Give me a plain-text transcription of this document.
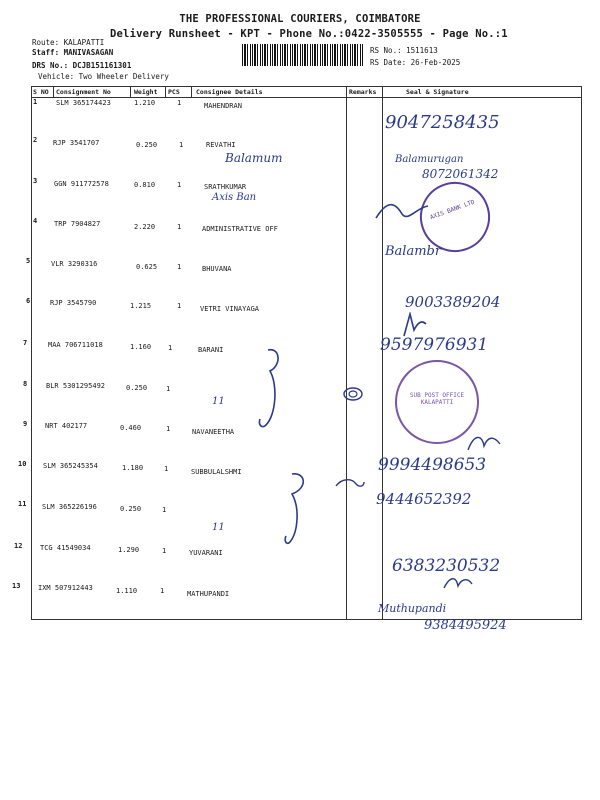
THE PROFESSIONAL COURIERS, COIMBATORE
Delivery Runsheet - KPT - Phone No.:0422-3505555 - Page No.:1
Route: KALAPATTI
Staff: MANIVASAGAN
DRS No.: DCJB151161301
Vehicle: Two Wheeler Delivery
RS No.: 1511613
RS Date: 26-Feb-2025
S NO Consignment No	Weight PCS	Consignee Details	Remarks	Seal & Signature
1	SLM 365174423	1.210	1	MAHENDRAN
2 RJP 3541707	0.250	1	REVATHI
3 GGN 911772578	0.810	1	SRATHKUMAR
4 TRP 7904827	2.220	1	ADMINISTRATIVE OFF
5	VLR 3290316	0.625	1	BHUVANA
6	RJP 3545790	1.215	1	VETRI VINAYAGA
7	MAA 706711018	1.160 1	BARANI
8	BLR 5301295492	0.250	1
9	NRT 402177	0.460	1	NAVANEETHA
10 SLM 365245354	1.180	1	SUBBULALSHMI
11 SLM 365226196	0.250	1
12	TCG 41549034	1.290	1	YUVARANI
13	IXM 507912443	1.110	1	MATHUPANDI
AXIS BANK LTD
SUB POST OFFICE KALAPATTI
9047258435
Balamum	Balamurugan
8072061342
Axis Ban
Balambr
9003389204
9597976931
11
9994498653
9444652392
11
6383230532
Muthupandi
9384495924
